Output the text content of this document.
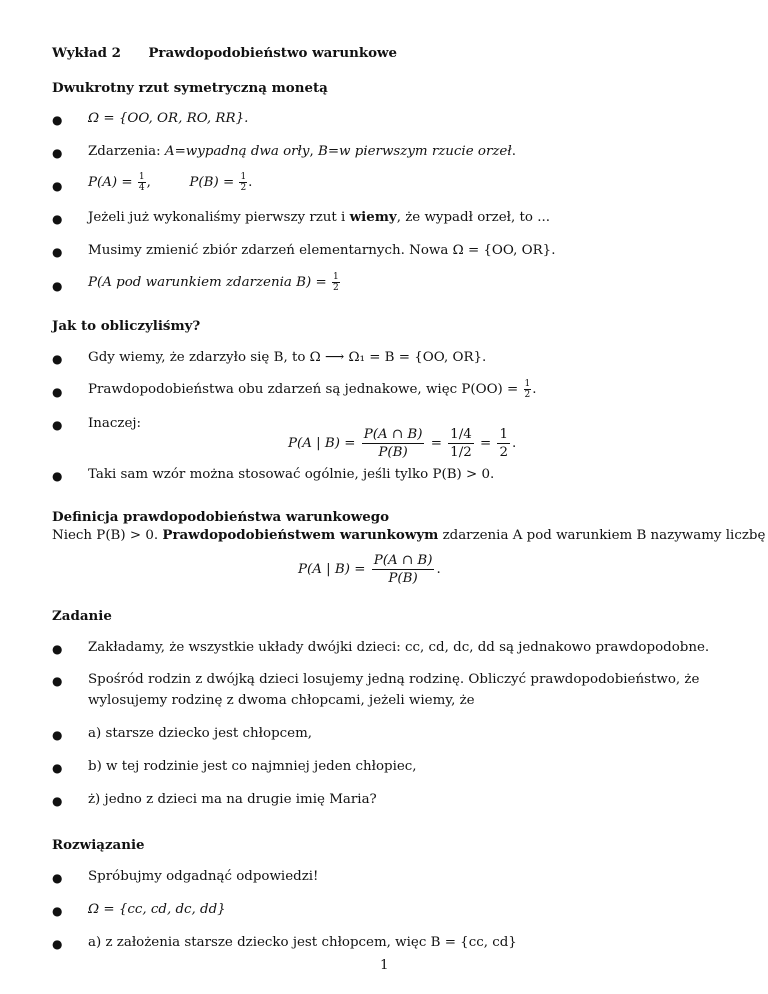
Wykład 2 Prawdopodobieństwo warunkowe
Dwukrotny rzut symetryczną monetą
● Ω = {OO, OR, RO, RR}.
● Zdarzenia: A=wypadną dwa orły, B=w pierwszym rzucie orzeł.
● $P(A) = \frac{1}{4}$ ,	$P(B) = \frac{1}{2}$ .
● Jeżeli już wykonaliśmy pierwszy rzut i wiemy, że wypadł orzeł, to ...
● Musimy zmienić zbiór zdarzeń elementarnych. Nowa Ω = {OO, OR}.
● P(A pod warunkiem zdarzenia $B) = \frac{1}{2}$
Jak to obliczyliśmy?
● Gdy wiemy, że zdarzyło się B, to Ω ⟶ Ω₁ = B = {OO, OR}.
● Prawdopodobieństwa obu zdarzeń są jednakowe, więc $P(OO) = \frac{1}{2}$ .
● Inaczej:
P(A | $B) = \frac{P(A \cap B)}{P(B)} = \frac{1/4}{1/2} = \frac{1}{2}$ .
● Taki sam wzór można stosować ogólnie, jeśli tylko P(B) > 0.
Definicja prawdopodobieństwa warunkowego
Niech P(B) > 0. Prawdopodobieństwem warunkowym zdarzenia A pod warunkiem B nazywamy liczbę
P(A | $B) = \frac{P(A \cap B)}{P(B)}$ .
Zadanie
● Zakładamy, że wszystkie układy dwójki dzieci: cc, cd, dc, dd są jednakowo prawdopodobne.
● Spośród rodzin z dwójką dzieci losujemy jedną rodzinę. Obliczyć prawdopodobieństwo, że wylosujemy rodzinę z dwoma chłopcami, jeżeli wiemy, że
● a) starsze dziecko jest chłopcem,
● b) w tej rodzinie jest co najmniej jeden chłopiec,
● ż) jedno z dzieci ma na drugie imię Maria?
Rozwiązanie
● Spróbujmy odgadnąć odpowiedzi!
● Ω = {cc, cd, dc, dd}
● a) z założenia starsze dziecko jest chłopcem, więc B = {cc, cd}
1
